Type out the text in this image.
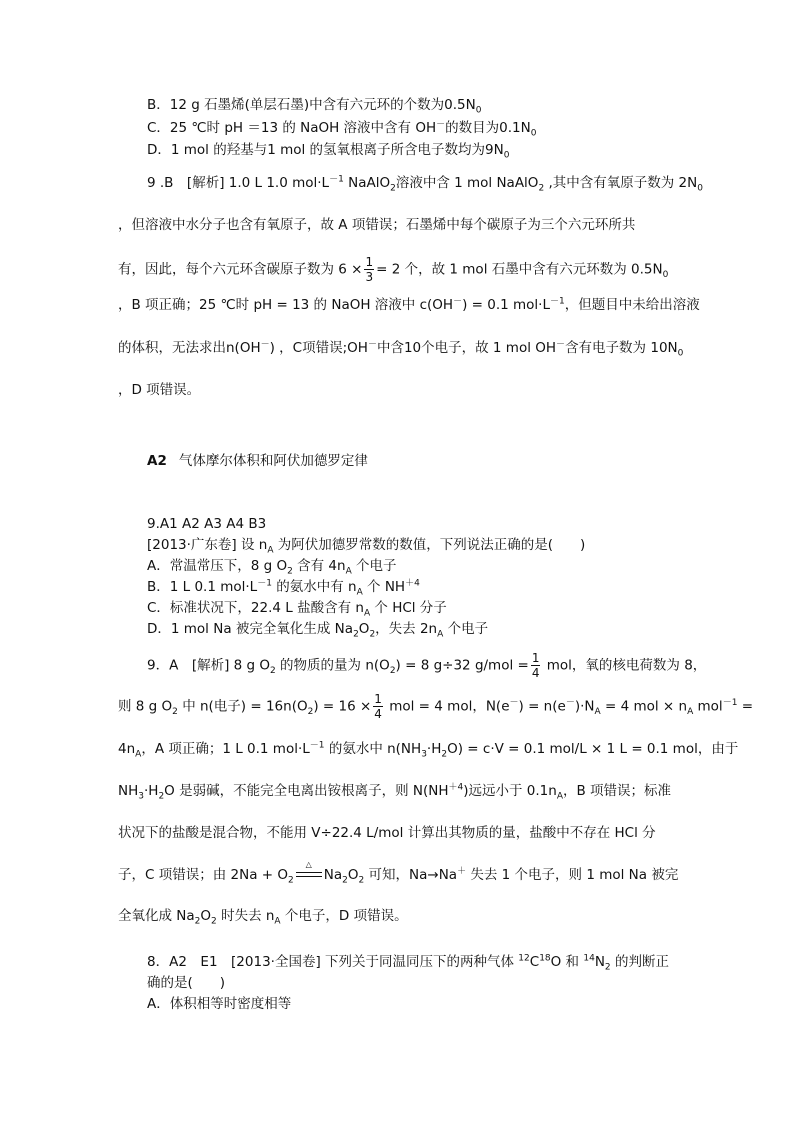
B．12 g 石墨烯(单层石墨)中含有六元环的个数为$0.5N_0$
C．25 ℃时 pH ＝13 的 NaOH 溶液中含有 OH－的数目为$0.1N_0$
D．1 mol 的羟基与1 mol 的氢氧根离子所含电子数均为$9N_0$
9 .B　[解析] 1.0 L 1.0 $mol\cdot L^{-1}$ NaAlO$_2$溶液中含 1 mol NaAlO$_2$ ,其中含有氧原子数为 $2N_0$
，但溶液中水分子也含有氧原子，故 A 项错误；石墨烯中每个碳原子为三个六元环所共
有，因此，每个六元环含碳原子数为 $6 \times \frac{1}{3} = 2$ 个，故 1 mol 石墨中含有六元环数为 $0.5N_0$
，B 项正确；25 ℃时 pH = 13 的 NaOH 溶液中 c(OH－) = 0.1 $mol\cdot L^{-1}$，但题目中未给出溶液
的体积，无法求出n(OH－) ，C项错误;OH－中含10个电子，故 1 mol OH－含有电子数为 $10N_0$
，D 项错误。
A2 气体摩尔体积和阿伏加德罗定律
9.A1 A2 A3 A4 B3
[2013·广东卷] 设 $n_A$ 为阿伏加德罗常数的数值，下列说法正确的是(　　)
A．常温常压下，8 g $O_2$ 含有 $4n_A$ 个电子
B．1 L 0.1 $mol\cdot L^{-1}$ 的氨水中有 $n_A$ 个 $NH^{+4}$
C．标准状况下，22.4 L 盐酸含有 $n_A$ 个 HCl 分子
D．1 mol Na 被完全氧化生成 $Na_2O_2$，失去 $2n_A$ 个电子
9．A　[解析] 8 g $O_2$ 的物质的量为 $n(O_2) = 8$ g÷32 $g/mol = \frac{1}{4}$ mol，氧的核电荷数为 8，
则 8 g $O_2$ 中 n(电子) = $16n(O_2) = 16 \times \frac{1}{4}$ mol = 4 mol，$N(e^-) = n(e^-)\cdot N_A = 4$ mol × $n_A$ mol$^{-1}$ =
$4n_A$，A 项正确；1 L 0.1 $mol\cdot L^{-1}$ 的氨水中 $n(NH_3\cdot H_2O) = c\cdot V = 0.1$ mol/L × 1 L = 0.1 mol，由于
$NH_3\cdot H_2O$ 是弱碱，不能完全电离出铵根离子，则 $N(NH^{+4})$远远小于 $0.1n_A$，B 项错误；标准
状况下的盐酸是混合物，不能用 V÷22.4 L/mol 计算出其物质的量，盐酸中不存在 HCl 分
子，C 项错误；由 $2Na + O_2$
△
$Na_2O_2$ 可知，Na→Na＋ 失去 1 个电子，则 1 mol Na 被完
全氧化成 $Na_2O_2$ 时失去 $n_A$ 个电子，D 项错误。
8．A2　E1　[2013·全国卷] 下列关于同温同压下的两种气体 $^{12}C^{18}O$ 和 $^{14}N_2$ 的判断正
确的是(　　)
A．体积相等时密度相等
